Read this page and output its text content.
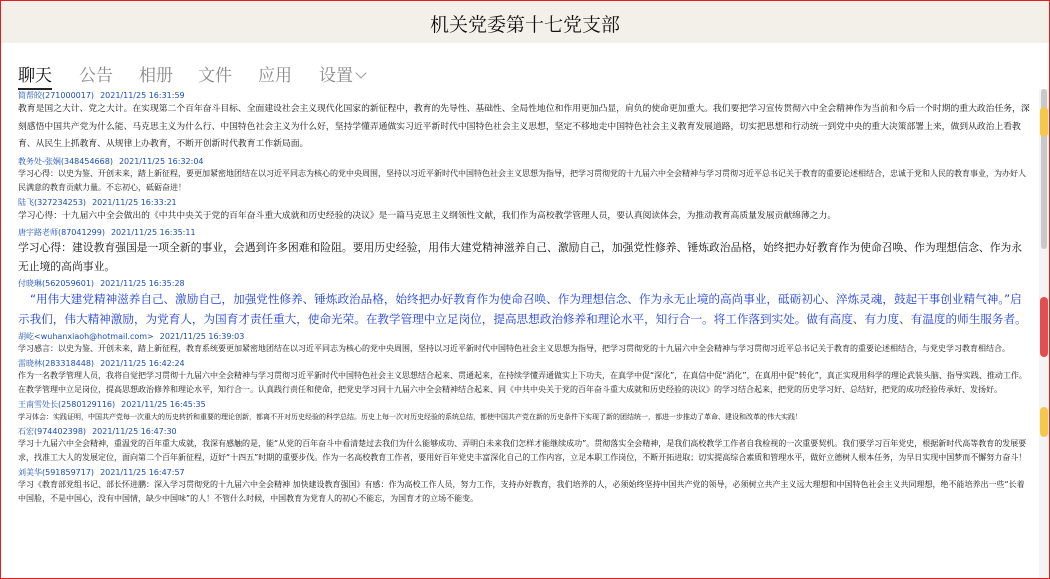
机关党委第十七党支部
聊天 公告 相册 文件 应用 设置
简帮皎(271000017) 2021/11/25 16:31:59
教育是国之大计、党之大计。在实现第二个百年奋斗目标、全面建设社会主义现代化国家的新征程中，教育的先导性、基础性、全局性地位和作用更加凸显，肩负的使命更加重大。我们要把学习宣传贯彻六中全会精神作为当前和今后一个时期的重大政治任务，深刻感悟中国共产党为什么能、马克思主义为什么行、中国特色社会主义为什么好，坚持学懂弄通做实习近平新时代中国特色社会主义思想，坚定不移地走中国特色社会主义教育发展道路，切实把思想和行动统一到党中央的重大决策部署上来，做到从政治上看教育、从民生上抓教育、从规律上办教育，不断开创新时代教育工作新局面。
教务处-张娴(348454668) 2021/11/25 16:32:04
学习心得：以史为鉴、开创未来，踏上新征程，要更加紧密地团结在以习近平同志为核心的党中央周围，坚持以习近平新时代中国特色社会主义思想为指导，把学习贯彻党的十九届六中全会精神与学习贯彻习近平总书记关于教育的重要论述相结合，忠诚于党和人民的教育事业，为办好人民满意的教育贡献力量。不忘初心，砥砺奋进！
陆飞(327234253) 2021/11/25 16:33:21
学习心得：十九届六中全会做出的《中共中央关于党的百年奋斗重大成就和历史经验的决议》是一篇马克思主义纲领性文献，我们作为高校教学管理人员，要认真阅读体会，为推动教育高质量发展贡献绵薄之力。
唐宇路老师(87041299) 2021/11/25 16:35:11
学习心得：建设教育强国是一项全新的事业，会遇到许多困难和险阻。要用历史经验，用伟大建党精神滋养自己、激励自己，加强党性修养、锤炼政治品格，始终把办好教育作为使命召唤、作为理想信念、作为永无止境的高尚事业。
付晓琳(562059601) 2021/11/25 16:35:28
“用伟大建党精神滋养自己、激励自己，加强党性修养、锤炼政治品格，始终把办好教育作为使命召唤、作为理想信念、作为永无止境的高尚事业，砥砺初心、淬炼灵魂，鼓起干事创业精气神。”启示我们，伟大精神激励，为党育人，为国育才责任重大，使命光荣。在教学管理中立足岗位，提高思想政治修养和理论水平，知行合一。将工作落到实处。做有高度、有力度、有温度的师生服务者。
胡屹<wuhanxiaoh@hotmail.com> 2021/11/25 16:39:03
学习感言：以史为鉴、开创未来，踏上新征程，教育系统要更加紧密地团结在以习近平同志为核心的党中央周围，坚持以习近平新时代中国特色社会主义思想为指导，把学习贯彻党的十九届六中全会精神与学习贯彻习近平总书记关于教育的重要论述相结合，与党史学习教育相结合。
雷晓林(283318448) 2021/11/25 16:42:24
作为一名教学管理人员，我将自觉把学习贯彻十九届六中全会精神与学习贯彻习近平新时代中国特色社会主义思想结合起来、贯通起来，在持续学懂弄通做实上下功夫，在真学中促“深化”，在真信中促“消化”，在真用中促“转化”，真正实现用科学的理论武装头脑、指导实践、推动工作。在教学管理中立足岗位，提高思想政治修养和理论水平，知行合一。认真践行责任和使命，把党史学习同十九届六中全会精神结合起来、同《中共中央关于党的百年奋斗重大成就和历史经验的决议》的学习结合起来，把党的历史学习好、总结好，把党的成功经验传承好、发扬好。
王南雪处长(2580129116) 2021/11/25 16:45:35
学习体会：实践证明，中国共产党每一次重大的历史转折和重要的理论创新，都离不开对历史经验的科学总结。历史上每一次对历史经验的系统总结，都使中国共产党在新的历史条件下实现了新的团结统一，都进一步推动了革命、建设和改革的伟大实践！
石宏(974402398) 2021/11/25 16:47:30
学习十九届六中全会精神，重温党的百年重大成就，我深有感触的是，能“从党的百年奋斗中看清楚过去我们为什么能够成功、弄明白未来我们怎样才能继续成功”。贯彻落实全会精神，是我们高校教学工作者自我检视的一次重要契机。我们要学习百年党史，根据新时代高等教育的发展要求，找准工大人的发展定位，面向第二个百年新征程，迈好“十四五”时期的重要步伐。作为一名高校教育工作者，要用好百年党史丰富深化自己的工作内容，立足本职工作岗位，不断开拓进取；切实提高综合素质和管理水平，做好立德树人根本任务，为早日实现中国梦而不懈努力奋斗！
刘美华(591859717) 2021/11/25 16:47:57
学习《教育部党组书记、部长怀进鹏：深入学习贯彻党的十九届六中全会精神 加快建设教育强国》有感：作为高校工作人员，努力工作，支持办好教育，我们培养的人，必须始终坚持中国共产党的领导，必须树立共产主义远大理想和中国特色社会主义共同理想，绝不能培养出一些“长着中国脸，不是中国心，没有中国情，缺少中国味”的人！不管什么时候，中国教育为党育人的初心不能忘，为国育才的立场不能变。
